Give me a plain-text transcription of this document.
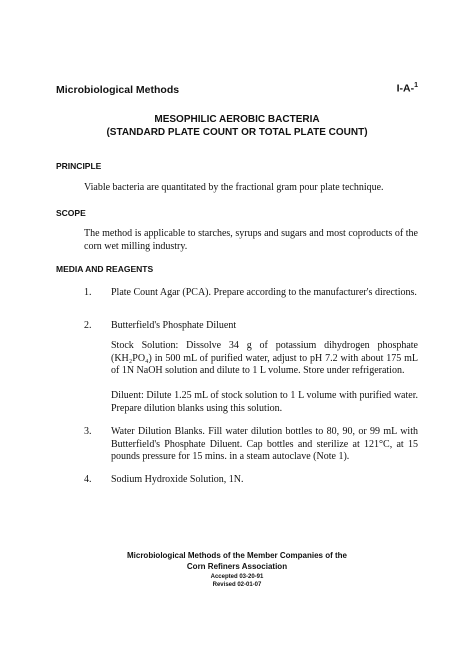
Microbiological Methods	I-A-$^1$
MESOPHILIC AEROBIC BACTERIA
(STANDARD PLATE COUNT OR TOTAL PLATE COUNT)
PRINCIPLE
Viable bacteria are quantitated by the fractional gram pour plate technique.
SCOPE
The method is applicable to starches, syrups and sugars and most coproducts of the corn wet milling industry.
MEDIA AND REAGENTS
1. Plate Count Agar (PCA). Prepare according to the manufacturer's directions.
2. Butterfield's Phosphate Diluent
Stock Solution: Dissolve 34 g of potassium dihydrogen phosphate (KH₂PO₄) in 500 mL of purified water, adjust to pH 7.2 with about 175 mL of 1N NaOH solution and dilute to 1 L volume. Store under refrigeration.
Diluent: Dilute 1.25 mL of stock solution to 1 L volume with purified water. Prepare dilution blanks using this solution.
3. Water Dilution Blanks. Fill water dilution bottles to 80, 90, or 99 mL with Butterfield's Phosphate Diluent. Cap bottles and sterilize at 121°C, at 15 pounds pressure for 15 mins. in a steam autoclave (Note 1).
4. Sodium Hydroxide Solution, 1N.
Microbiological Methods of the Member Companies of the
Corn Refiners Association
Accepted 03-20-91
Revised 02-01-07
